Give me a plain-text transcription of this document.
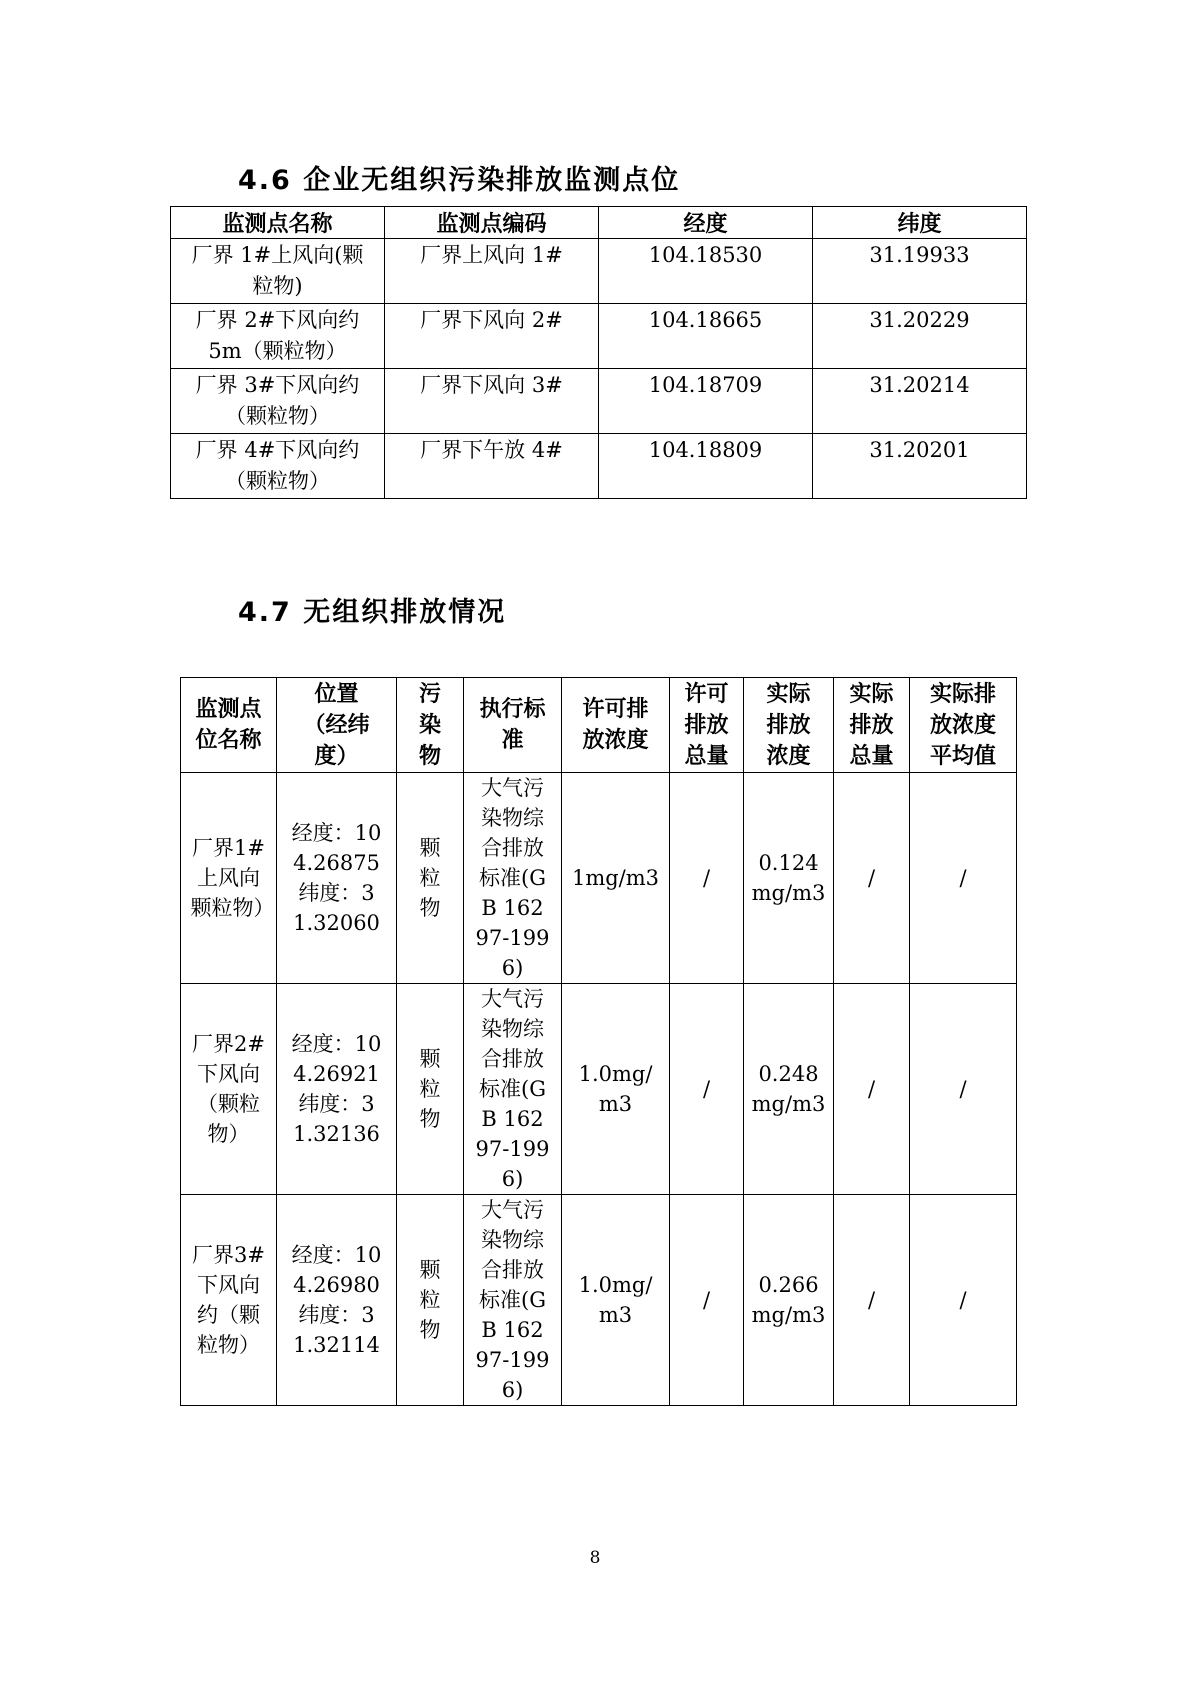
4.6 企业无组织污染排放监测点位
监测点名称	监测点编码	经度	纬度

厂界 1#上风向(颗粒物)	厂界上风向 1#	104.18530	31.19933

厂界 2#下风向约 5m（颗粒物）	厂界下风向 2#	104.18665	31.20229

厂界 3#下风向约（颗粒物）	厂界下风向 3#	104.18709	31.20214

厂界 4#下风向约（颗粒物）	厂界下午放 4#	104.18809	31.20201
4.7 无组织排放情况
监测点位名称	位置（经纬度）	污染物	执行标准	许可排放浓度	许可排放总量	实际排放浓度	实际排放总量	实际排放浓度平均值

厂界1#上风向颗粒物）	经度：104.26875
纬度：31.32060	颗粒物	大气污染物综合排放标准(GB 16297-1996)	1mg/m3	/	0.124 mg/m3	/	/

厂界2#下风向（颗粒物）	经度：104.26921
纬度：31.32136	颗粒物	大气污染物综合排放标准(GB 16297-1996)	1.0mg/m3	/	0.248 mg/m3	/	/

厂界3#下风向约（颗粒物）	经度：104.26980
纬度：31.32114	颗粒物	大气污染物综合排放标准(GB 16297-1996)	1.0mg/m3	/	0.266 mg/m3	/	/
8
